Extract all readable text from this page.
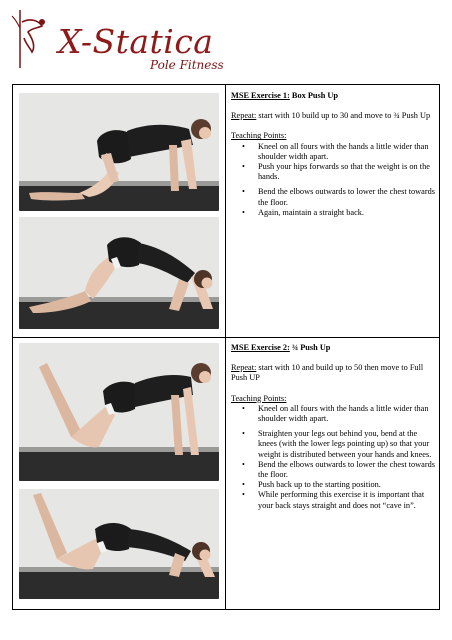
X-Statica
Pole Fitness

MSE Exercise 1: Box Push Up

Repeat: start with 10 build up to 30 and move to ¾ Push Up

Teaching Points:

• Kneel on all fours with the hands a little wider than shoulder width apart.
• Push your hips forwards so that the weight is on the hands.
• Bend the elbows outwards to lower the chest towards the floor.
• Again, maintain a straight back.

MSE Exercise 2: ¾ Push Up

Repeat: start with 10 and build up to 50 then move to Full Push UP

Teaching Points:

• Kneel on all fours with the hands a little wider than shoulder width apart.
• Straighten your legs out behind you, bend at the knees (with the lower legs pointing up) so that your weight is distributed between your hands and knees.
• Bend the elbows outwards to lower the chest towards the floor.
• Push back up to the starting position.
• While performing this exercise it is important that your back stays straight and does not “cave in”.
